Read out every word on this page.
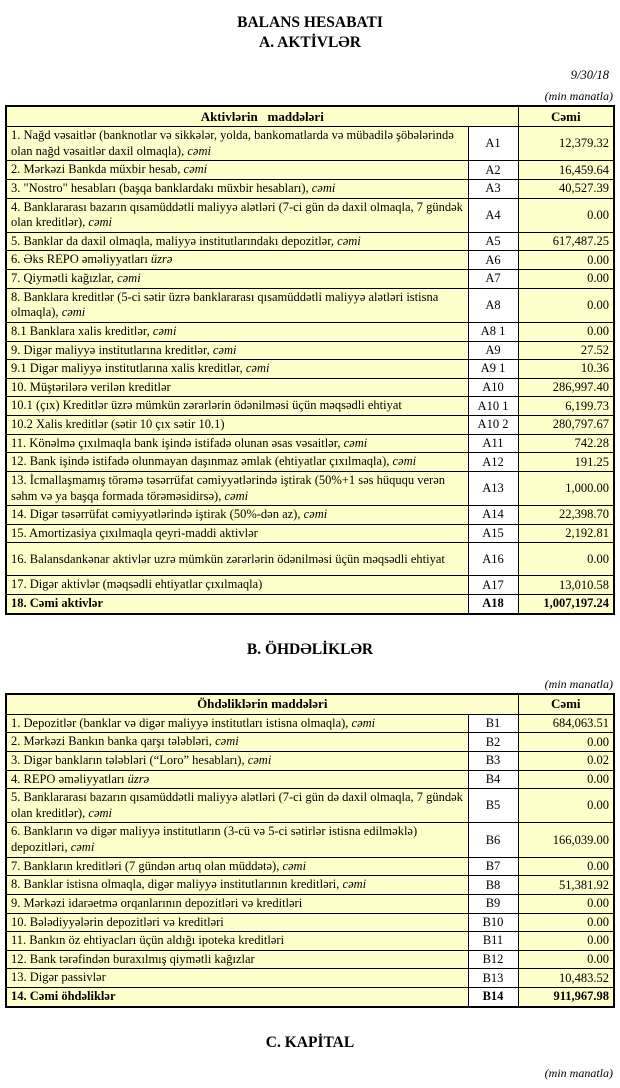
BALANS HESABATI
A. AKTİVLƏR
9/30/18
(min manatla)
Aktivlərin   maddələri		Cəmi
1. Nağd vəsaitlər (banknotlar və sikkələr, yolda, bankomatlarda və mübadilə şöbələrində olan nağd vəsaitlər daxil olmaqla), cəmi	A1	12,379.32
2. Mərkəzi Bankda müxbir hesab, cəmi	A2	16,459.64
3. "Nostro" hesabları (başqa banklardakı müxbir hesabları), cəmi	A3	40,527.39
4. Banklararası bazarın qısamüddətli maliyyə alətləri (7-ci gün də daxil olmaqla, 7 gündək olan kreditlər), cəmi	A4	0.00
5. Banklar da daxil olmaqla, maliyyə institutlarındakı depozitlər, cəmi	A5	617,487.25
6. Əks REPO əməliyyatları üzrə	A6	0.00
7. Qiymətli kağızlar, cəmi	A7	0.00
8. Banklara kreditlər (5-ci sətir üzrə banklararası qısamüddətli maliyyə alətləri istisna olmaqla), cəmi	A8	0.00
8.1 Banklara xalis kreditlər, cəmi	A8 1	0.00
9. Digər maliyyə institutlarına kreditlər, cəmi	A9	27.52
9.1 Digər maliyyə institutlarına xalis kreditlər, cəmi	A9 1	10.36
10. Müştərilərə verilən kreditlər	A10	286,997.40
10.1 (çıx) Kreditlər üzrə mümkün zərərlərin ödənilməsi üçün məqsədli ehtiyat	A10 1	6,199.73
10.2 Xalis kreditlər (sətir 10 çıx sətir 10.1)	A10 2	280,797.67
11. Könəlmə çıxılmaqla bank işində istifadə olunan əsas vəsaitlər, cəmi	A11	742.28
12. Bank işində istifadə olunmayan daşınmaz əmlak (ehtiyatlar çıxılmaqla), cəmi	A12	191.25
13. İcmallaşmamış törəmə təsərrüfat cəmiyyətlərində iştirak (50%+1 səs hüququ verən səhm və ya başqa formada törəməsidirsə), cəmi	A13	1,000.00
14. Digər təsərrüfat cəmiyyətlərində iştirak (50%-dən az), cəmi	A14	22,398.70
15. Amortizasiya çıxılmaqla qeyri-maddi aktivlər	A15	2,192.81
16. Balansdankənar aktivlər uzrə mümkün zərərlərin ödənilməsi üçün məqsədli ehtiyat	A16	0.00
17. Digər aktivlər (məqsədli ehtiyatlar çıxılmaqla)	A17	13,010.58
18. Cəmi aktivlər	A18	1,007,197.24
B. ÖHDƏLİKLƏR
(min manatla)
Öhdəliklərin maddələri		Cəmi
1. Depozitlər (banklar və digər maliyyə institutları istisna olmaqla), cəmi	B1	684,063.51
2. Mərkəzi Bankın banka qarşı tələbləri, cəmi	B2	0.00
3. Digər bankların tələbləri (“Loro” hesabları), cəmi	B3	0.02
4. REPO əməliyyatları üzrə	B4	0.00
5. Banklararası bazarın qısamüddətli maliyyə alətləri (7-ci gün də daxil olmaqla, 7 gündək olan kreditlər), cəmi	B5	0.00
6. Bankların və digər maliyyə institutların (3-cü və 5-ci sətirlər istisna edilməklə) depozitləri, cəmi	B6	166,039.00
7. Bankların kreditləri (7 gündən artıq olan müddətə), cəmi	B7	0.00
8. Banklar istisna olmaqla, digər maliyyə institutlarının kreditləri, cəmi	B8	51,381.92
9. Mərkəzi idarəetmə orqanlarının depozitləri və kreditləri	B9	0.00
10. Bələdiyyələrin depozitləri və kreditləri	B10	0.00
11. Bankın öz ehtiyacları üçün aldığı ipoteka kreditləri	B11	0.00
12. Bank tərəfindən buraxılmış qiymətli kağızlar	B12	0.00
13. Digər passivlər	B13	10,483.52
14. Cəmi öhdəliklər	B14	911,967.98
C. KAPİTAL
(min manatla)
